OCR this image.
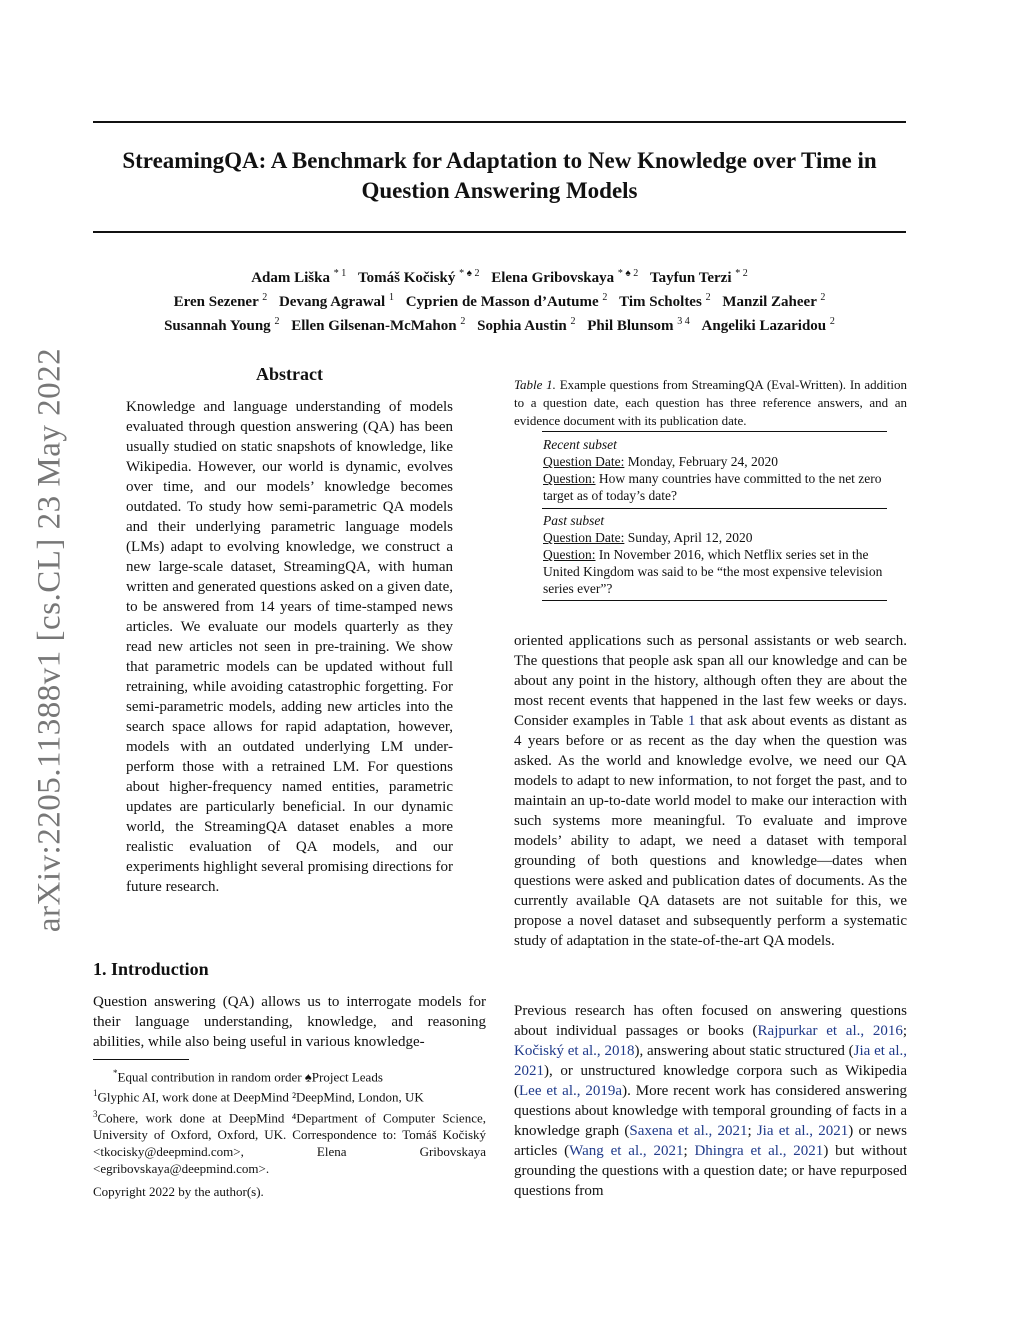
StreamingQA: A Benchmark for Adaptation to New Knowledge over Time in Question Answering Models
Adam Liška $^{* 1}$ Tomáš Kočiský $^{* ♠ 2}$ Elena Gribovskaya $^{* ♠ 2}$ Tayfun Terzi $^{* 2}$
Eren Sezener $^2$ Devang Agrawal $^1$ Cyprien de Masson d’Autume $^2$ Tim Scholtes $^2$ Manzil Zaheer $^2$
Susannah Young $^2$ Ellen Gilsenan-McMahon $^2$ Sophia Austin $^2$ Phil Blunsom $^{3 4}$ Angeliki Lazaridou $^2$
arXiv:2205.11388v1 [cs.CL] 23 May 2022	Abstract

Knowledge and language understanding of models evaluated through question answering (QA) has been usually studied on static snapshots of knowledge, like Wikipedia. However, our world is dynamic, evolves over time, and our models’ knowledge becomes outdated. To study how semi-parametric QA models and their underlying parametric language models (LMs) adapt to evolving knowledge, we construct a new large-scale dataset, StreamingQA, with human written and generated questions asked on a given date, to be answered from 14 years of time-stamped news articles. We evaluate our models quarterly as they read new articles not seen in pre-training. We show that parametric models can be updated without full retraining, while avoiding catastrophic forgetting. For semi-parametric models, adding new articles into the search space allows for rapid adaptation, however, models with an outdated underlying LM under-perform those with a retrained LM. For questions about higher-frequency named entities, parametric updates are particularly beneficial. In our dynamic world, the StreamingQA dataset enables a more realistic evaluation of QA models, and our experiments highlight several promising directions for future research.

1. Introduction

Question answering (QA) allows us to interrogate models for their language understanding, knowledge, and reasoning abilities, while also being useful in various knowledge-

*Equal contribution in random order ♠Project Leads
$^1$Glyphic AI, work done at DeepMind ²DeepMind, London, UK
$^3$Cohere, work done at DeepMind ⁴Department of Computer Science, University of Oxford, Oxford, UK. Correspondence to: Tomáš Kočiský <tkocisky@deepmind.com>, Elena Gribovskaya <egribovskaya@deepmind.com>.
Copyright 2022 by the author(s).

Table 1. Example questions from StreamingQA (Eval-Written). In addition to a question date, each question has three reference answers, and an evidence document with its publication date.

Recent subset
Question Date: Monday, February 24, 2020
Question: How many countries have committed to the net zero target as of today’s date?
Past subset
Question Date: Sunday, April 12, 2020
Question: In November 2016, which Netflix series set in the United Kingdom was said to be “the most expensive television series ever”?

oriented applications such as personal assistants or web search. The questions that people ask span all our knowledge and can be about any point in the history, although often they are about the most recent events that happened in the last few weeks or days. Consider examples in Table 1 that ask about events as distant as 4 years before or as recent as the day when the question was asked. As the world and knowledge evolve, we need our QA models to adapt to new information, to not forget the past, and to maintain an up-to-date world model to make our interaction with such systems more meaningful. To evaluate and improve models’ ability to adapt, we need a dataset with temporal grounding of both questions and knowledge—dates when questions were asked and publication dates of documents. As the currently available QA datasets are not suitable for this, we propose a novel dataset and subsequently perform a systematic study of adaptation in the state-of-the-art QA models.

Previous research has often focused on answering questions about individual passages or books (Rajpurkar et al., 2016; Kočiský et al., 2018), answering about static structured (Jia et al., 2021), or unstructured knowledge corpora such as Wikipedia (Lee et al., 2019a). More recent work has considered answering questions about knowledge with temporal grounding of facts in a knowledge graph (Saxena et al., 2021; Jia et al., 2021) or news articles (Wang et al., 2021; Dhingra et al., 2021) but without grounding the questions with a question date; or have repurposed questions from
